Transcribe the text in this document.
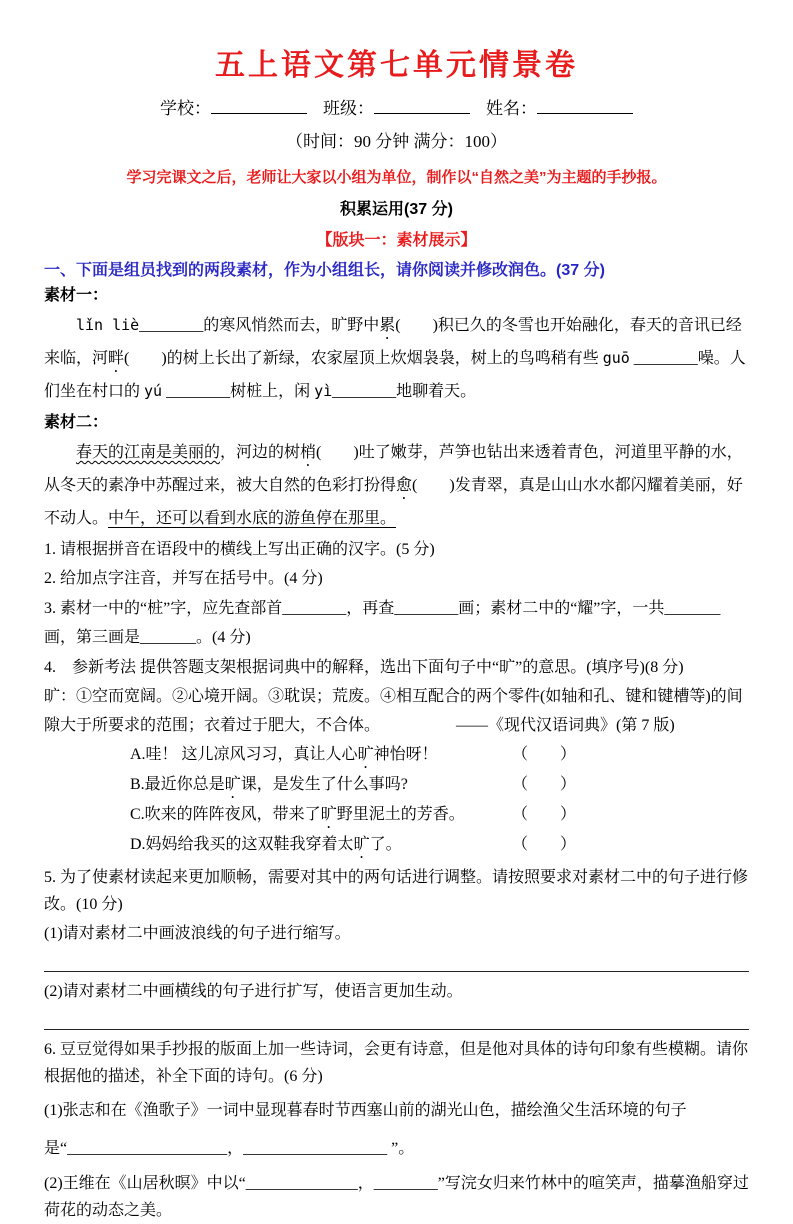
五上语文第七单元情景卷
学校：	班级：	姓名：
（时间：90 分钟 满分：100）
学习完课文之后，老师让大家以小组为单位，制作以“自然之美”为主题的手抄报。
积累运用(37 分)
【版块一：素材展示】
一、下面是组员找到的两段素材，作为小组组长，请你阅读并修改润色。(37 分)
素材一：

lǐn liè________的寒风悄然而去，旷野中累(　　)积已久的冬雪也开始融化，春天的音讯已经来临，河畔(　　)的树上长出了新绿，农家屋顶上炊烟袅袅，树上的鸟鸣稍有些 guō ________噪。人们坐在村口的 yú ________树桩上，闲 yì________地聊着天。

素材二：

春天的江南是美丽的，河边的树梢(　　)吐了嫩芽，芦笋也钻出来透着青色，河道里平静的水，从冬天的素净中苏醒过来，被大自然的色彩打扮得愈(　　)发青翠，真是山山水水都闪耀着美丽，好不动人。中午，还可以看到水底的游鱼停在那里。

1. 请根据拼音在语段中的横线上写出正确的汉字。(5 分)
2. 给加点字注音，并写在括号中。(4 分)
3. 素材一中的“桩”字，应先查部首________，再查________画；素材二中的“耀”字，一共_______画，第三画是_______。(4 分)
4.　参新考法 提供答题支架根据词典中的解释，选出下面句子中“旷”的意思。(填序号)(8 分)
旷：①空而宽阔。②心境开阔。③耽误；荒废。④相互配合的两个零件(如轴和孔、键和键槽等)的间隙大于所要求的范围；衣着过于肥大，不合体。	——《现代汉语词典》(第 7 版)
A.哇！ 这儿凉风习习，真让人心旷神怡呀！	（　　）
B.最近你总是旷课，是发生了什么事吗?	（　　）
C.吹来的阵阵夜风，带来了旷野里泥土的芳香。	（　　）
D.妈妈给我买的这双鞋我穿着太旷了。	（　　）
5. 为了使素材读起来更加顺畅，需要对其中的两句话进行调整。请按照要求对素材二中的句子进行修改。(10 分)
(1)请对素材二中画波浪线的句子进行缩写。
(2)请对素材二中画横线的句子进行扩写，使语言更加生动。
6. 豆豆觉得如果手抄报的版面上加一些诗词，会更有诗意，但是他对具体的诗句印象有些模糊。请你根据他的描述，补全下面的诗句。(6 分)
(1)张志和在《渔歌子》一词中显现暮春时节西塞山前的湖光山色，描绘渔父生活环境的句子是“____________________，__________________ ”。
(2)王维在《山居秋暝》中以“______________，________”写浣女归来竹林中的喧笑声，描摹渔船穿过荷花的动态之美。
